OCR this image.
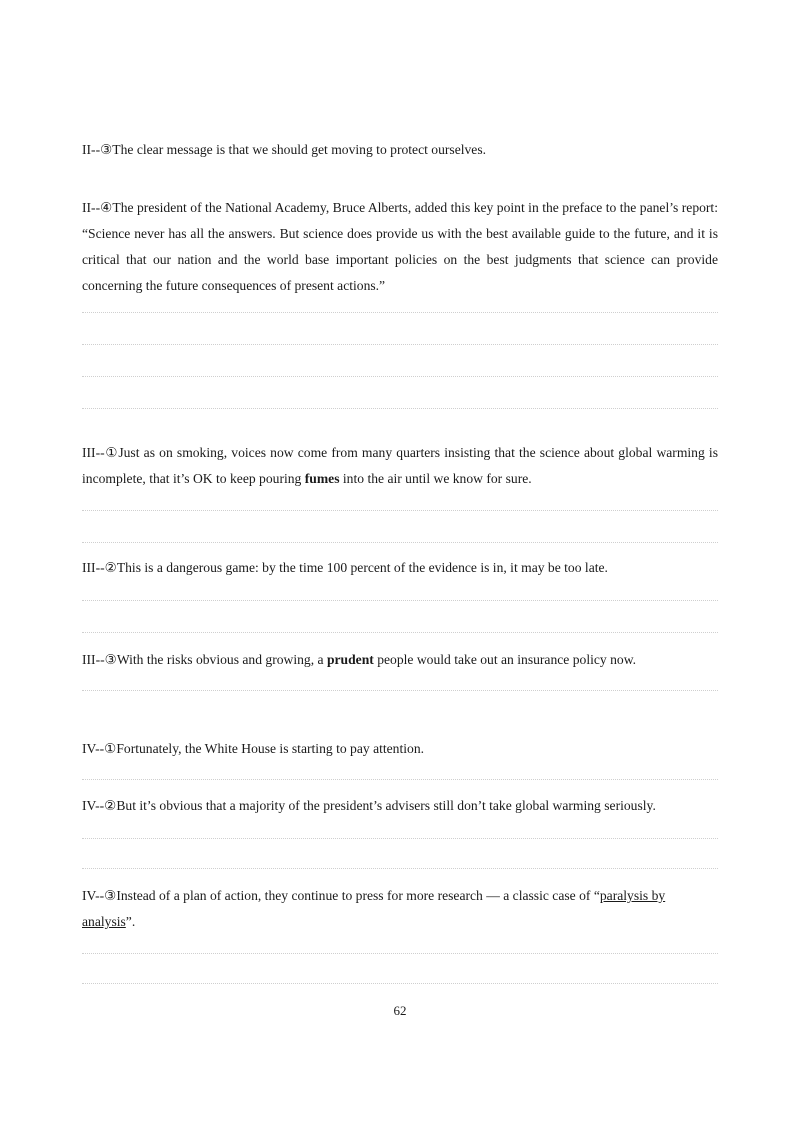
II--③The clear message is that we should get moving to protect ourselves.

II--④The president of the National Academy, Bruce Alberts, added this key point in the preface to the panel’s report: “Science never has all the answers. But science does provide us with the best available guide to the future, and it is critical that our nation and the world base important policies on the best judgments that science can provide concerning the future consequences of present actions.”

III--①Just as on smoking, voices now come from many quarters insisting that the science about global warming is incomplete, that it’s OK to keep pouring fumes into the air until we know for sure.

III--②This is a dangerous game: by the time 100 percent of the evidence is in, it may be too late.

III--③With the risks obvious and growing, a prudent people would take out an insurance policy now.

IV--①Fortunately, the White House is starting to pay attention.

IV--②But it’s obvious that a majority of the president’s advisers still don’t take global warming seriously.

IV--③Instead of a plan of action, they continue to press for more research — a classic case of “paralysis by analysis”.

62
